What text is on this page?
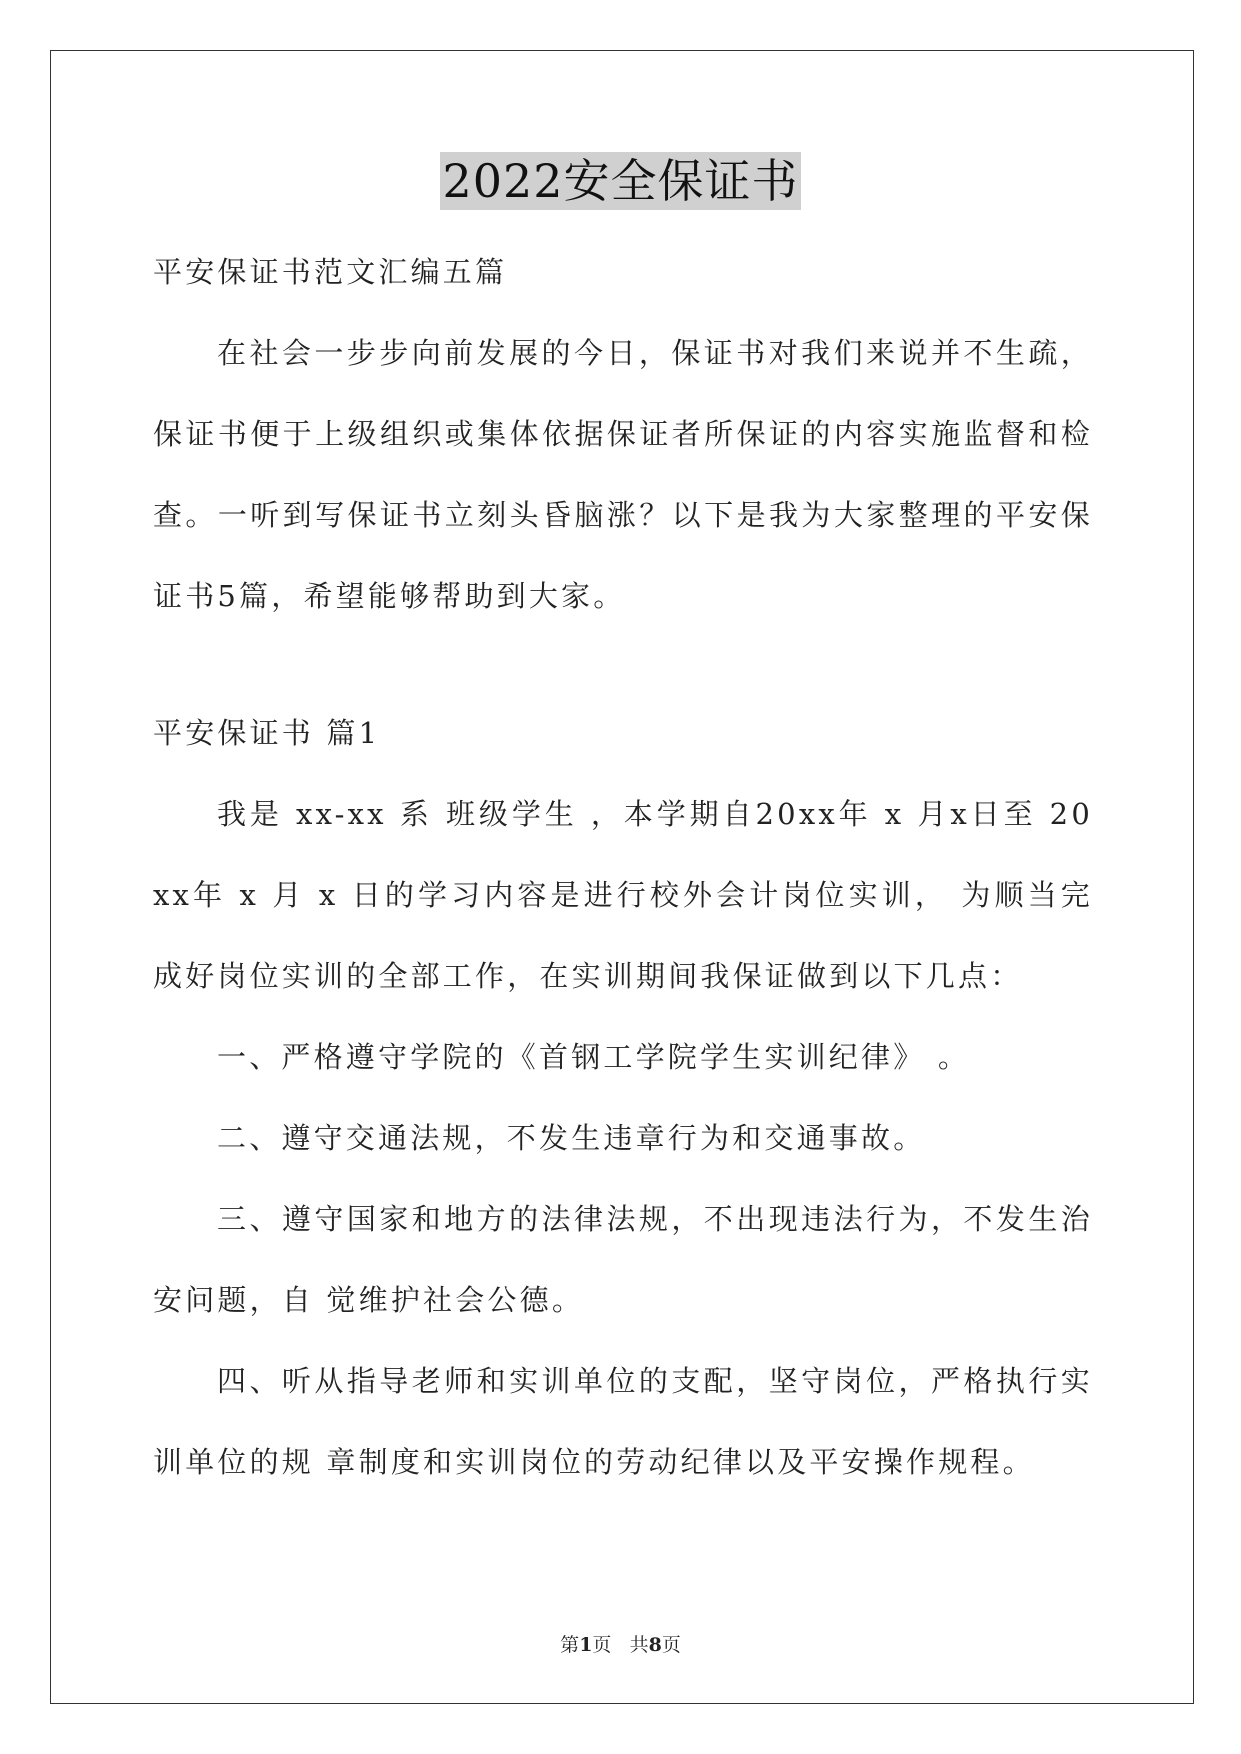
2022安全保证书

平安保证书范文汇编五篇

在社会一步步向前发展的今日，保证书对我们来说并不生疏，保证书便于上级组织或集体依据保证者所保证的内容实施监督和检查。一听到写保证书立刻头昏脑涨？以下是我为大家整理的平安保证书5篇，希望能够帮助到大家。

平安保证书 篇1

我是 xx-xx 系 班级学生 ，本学期自20xx年 x 月x日至 20xx年 x 月 x 日的学习内容是进行校外会计岗位实训， 为顺当完成好岗位实训的全部工作，在实训期间我保证做到以下几点：

一、严格遵守学院的《首钢工学院学生实训纪律》 。

二、遵守交通法规，不发生违章行为和交通事故。

三、遵守国家和地方的法律法规，不出现违法行为，不发生治安问题，自 觉维护社会公德。

四、听从指导老师和实训单位的支配，坚守岗位，严格执行实训单位的规 章制度和实训岗位的劳动纪律以及平安操作规程。

第1页 共8页
